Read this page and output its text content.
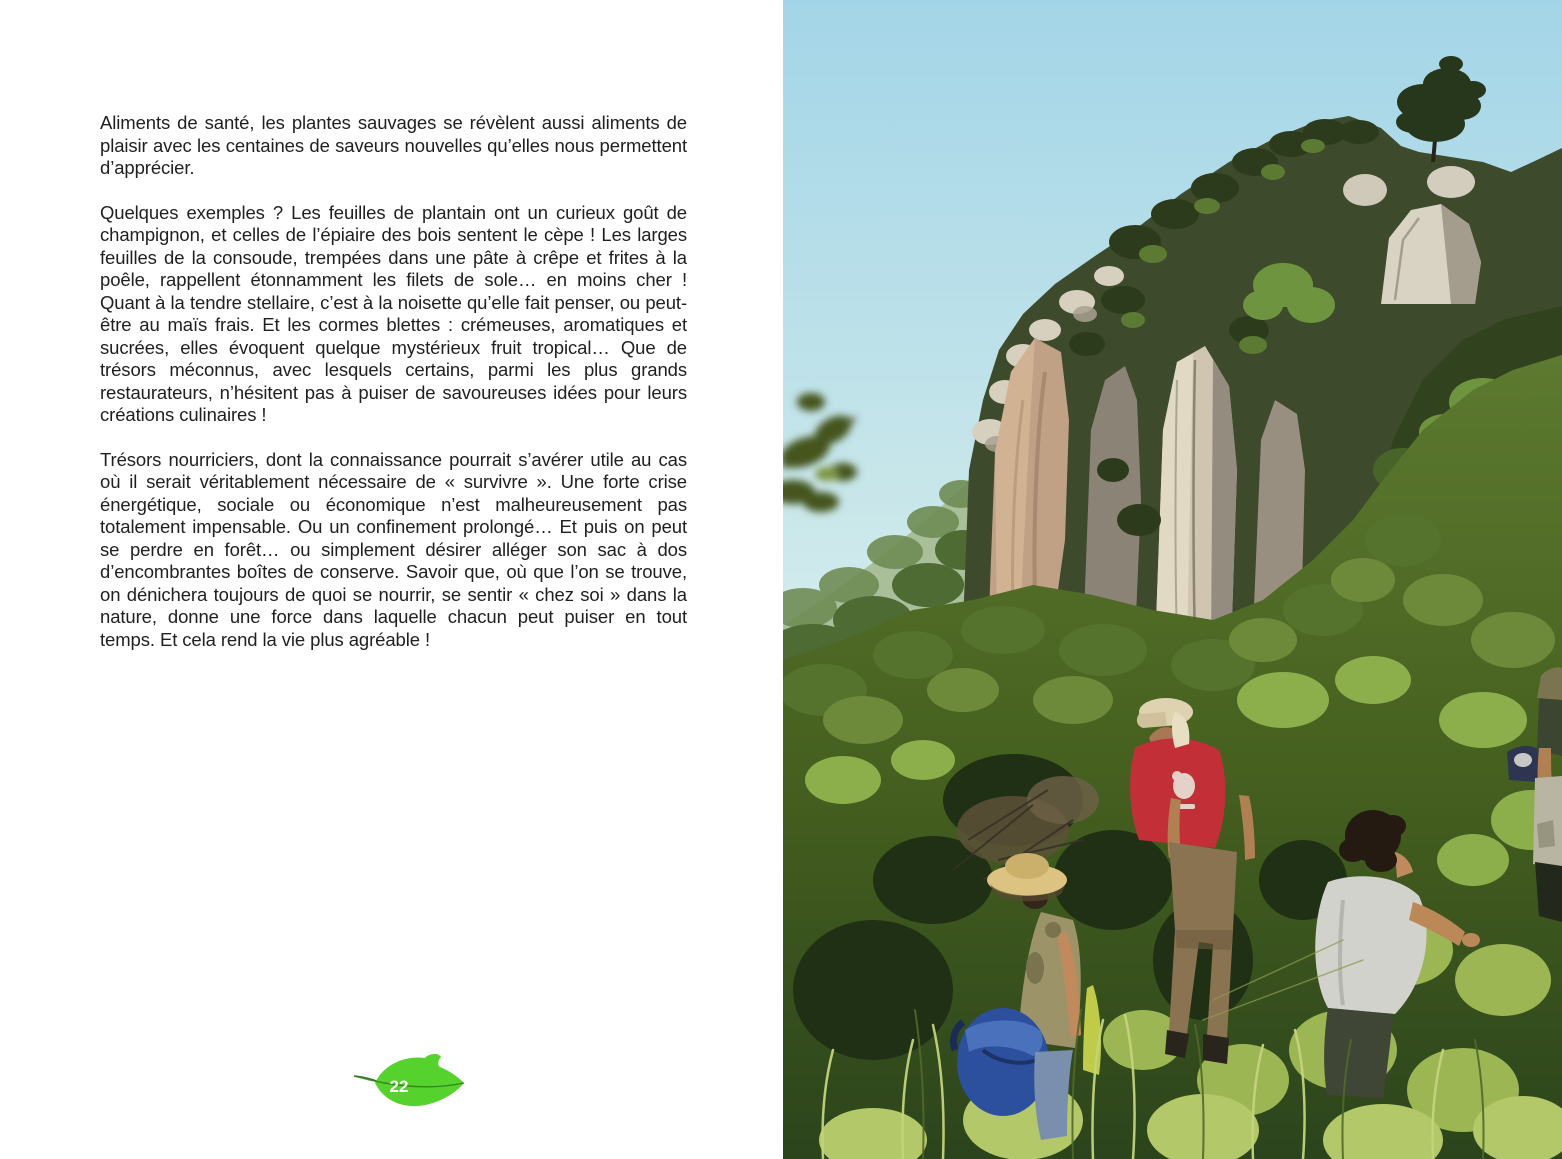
Aliments de santé, les plantes sauvages se révèlent aussi aliments de plaisir avec les centaines de saveurs nouvelles qu’elles nous permettent d’apprécier.

Quelques exemples ? Les feuilles de plantain ont un curieux goût de champignon, et celles de l’épiaire des bois sentent le cèpe ! Les larges feuilles de la consoude, trempées dans une pâte à crêpe et frites à la poêle, rappellent étonnamment les filets de sole… en moins cher ! Quant à la tendre stellaire, c’est à la noisette qu’elle fait penser, ou peut-être au maïs frais. Et les cormes blettes : crémeuses, aromatiques et sucrées, elles évoquent quelque mystérieux fruit tropical… Que de trésors méconnus, avec lesquels certains, parmi les plus grands restaurateurs, n’hésitent pas à puiser de savoureuses idées pour leurs créations culinaires !

Trésors nourriciers, dont la connaissance pourrait s’avérer utile au cas où il serait véritablement nécessaire de « survivre ». Une forte crise énergétique, sociale ou économique n’est malheureusement pas totalement impensable. Ou un confinement prolongé… Et puis on peut se perdre en forêt… ou simplement désirer alléger son sac à dos d’encombrantes boîtes de conserve. Savoir que, où que l’on se trouve, on dénichera toujours de quoi se nourrir, se sentir « chez soi » dans la nature, donne une force dans laquelle chacun peut puiser en tout temps. Et cela rend la vie plus agréable !

22
